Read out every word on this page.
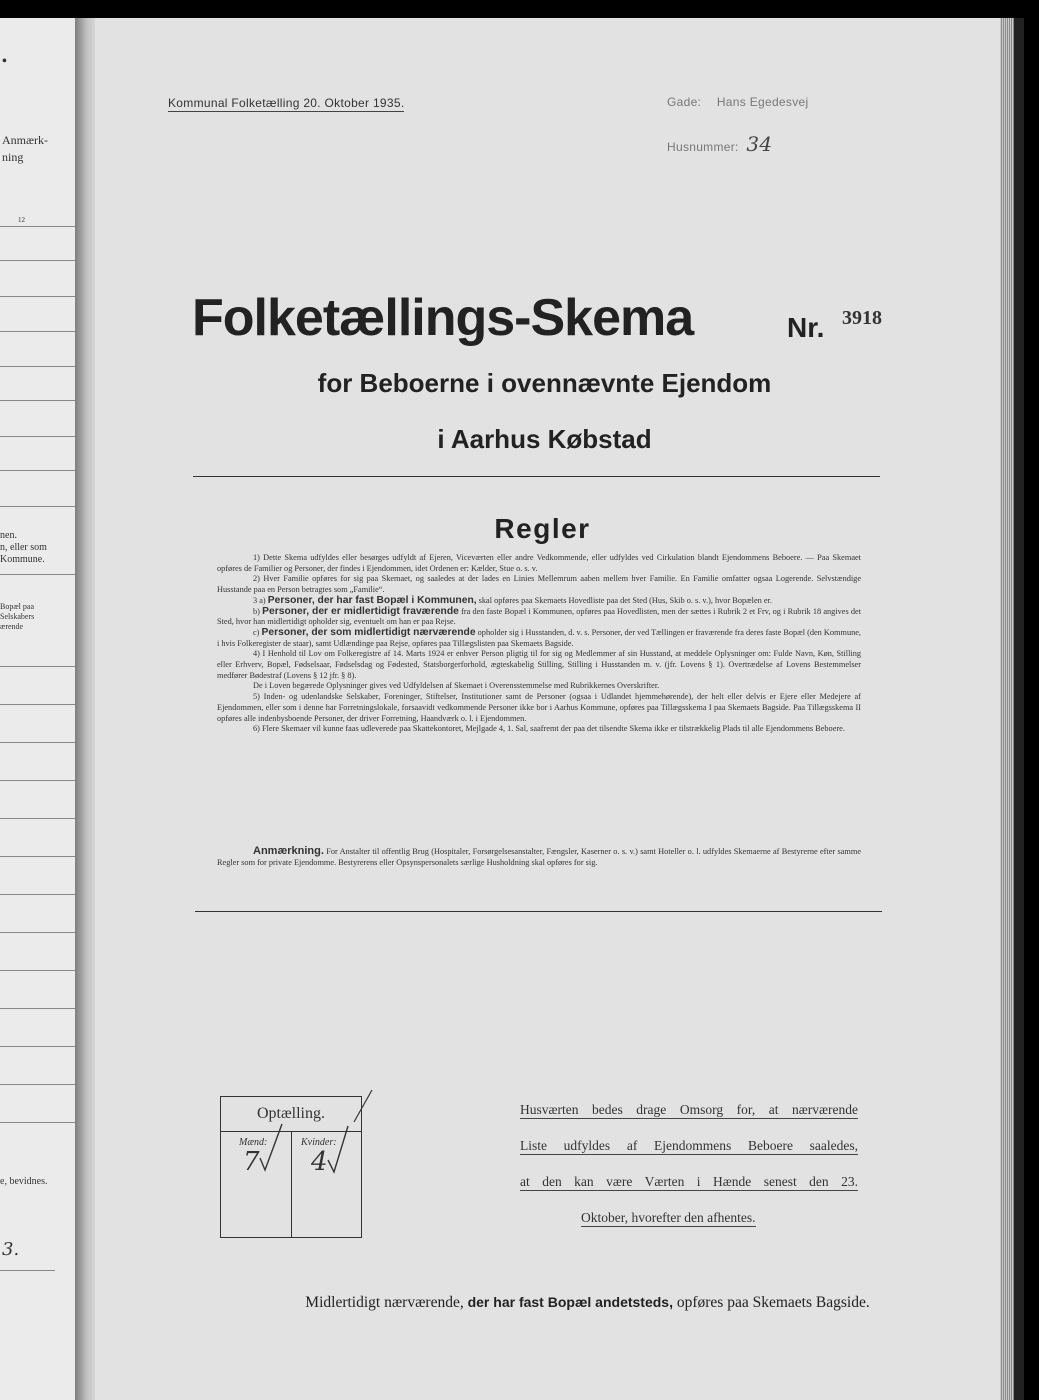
•
Anmærk-
ning
12
nen.
n, eller som
Kommune.
Bopæl paa
Selskabers
ærende
e, bevidnes.
3.
Kommunal Folketælling 20. Oktober 1935.	Gade: Hans Egedesvej
Husnummer: 34
Folketællings-Skema	Nr. 3918
for Beboerne i ovennævnte Ejendom
i Aarhus Købstad
Regler

1) Dette Skema udfyldes eller besørges udfyldt af Ejeren, Viceværten eller andre Vedkommende, eller udfyldes ved Cirkulation blandt Ejendommens Beboere. — Paa Skemaet opføres de Familier og Personer, der findes i Ejendommen, idet Ordenen er: Kælder, Stue o. s. v.

2) Hver Familie opføres for sig paa Skemaet, og saaledes at der lades en Linies Mellemrum aaben mellem hver Familie. En Familie omfatter ogsaa Logerende. Selvstændige Husstande paa en Person betragtes som „Familie“.

3 a) Personer, der har fast Bopæl i Kommunen, skal opføres paa Skemaets Hovedliste paa det Sted (Hus, Skib o. s. v.), hvor Bopælen er.

b) Personer, der er midlertidigt fraværende fra den faste Bopæl i Kommunen, opføres paa Hovedlisten, men der sættes i Rubrik 2 et Frv, og i Rubrik 18 angives det Sted, hvor han midlertidigt opholder sig, eventuelt om han er paa Rejse.

c) Personer, der som midlertidigt nærværende opholder sig i Husstanden, d. v. s. Personer, der ved Tællingen er fraværende fra deres faste Bopæl (den Kommune, i hvis Folkeregister de staar), samt Udlændinge paa Rejse, opføres paa Tillægslisten paa Skemaets Bagside.

4) I Henhold til Lov om Folkeregistre af 14. Marts 1924 er enhver Person pligtig til for sig og Medlemmer af sin Husstand, at meddele Oplysninger om: Fulde Navn, Køn, Stilling eller Erhverv, Bopæl, Fødselsaar, Fødselsdag og Fødested, Statsborgerforhold, ægteskabelig Stilling, Stilling i Husstanden m. v. (jfr. Lovens § 1). Overtrædelse af Lovens Bestemmelser medfører Bødestraf (Lovens § 12 jfr. § 8).

De i Loven begærede Oplysninger gives ved Udfyldelsen af Skemaet i Overensstemmelse med Rubrikkernes Overskrifter.

5) Inden- og udenlandske Selskaber, Foreninger, Stiftelser, Institutioner samt de Personer (ogsaa i Udlandet hjemmehørende), der helt eller delvis er Ejere eller Medejere af Ejendommen, eller som i denne har Forretningslokale, forsaavidt vedkommende Personer ikke bor i Aarhus Kommune, opføres paa Tillægsskema I paa Skemaets Bagside. Paa Tillægsskema II opføres alle indenbysboende Personer, der driver Forretning, Haandværk o. l. i Ejendommen.

6) Flere Skemaer vil kunne faas udleverede paa Skattekontoret, Mejlgade 4, 1. Sal, saafremt der paa det tilsendte Skema ikke er tilstrækkelig Plads til alle Ejendommens Beboere.

Anmærkning. For Anstalter til offentlig Brug (Hospitaler, Forsørgelsesanstalter, Fængsler, Kaserner o. s. v.) samt Hoteller o. l. udfyldes Skemaerne af Bestyrerne efter samme Regler som for private Ejendomme. Bestyrerens eller Opsynspersonalets særlige Husholdning skal opføres for sig.
Optælling.
Mænd:
7
Kvinder:
4
Husværten bedes drage Omsorg for, at nærværende
Liste udfyldes af Ejendommens Beboere saaledes,
at den kan være Værten i Hænde senest den 23.
Oktober, hvorefter den afhentes.
Midlertidigt nærværende, der har fast Bopæl andetsteds, opføres paa Skemaets Bagside.
